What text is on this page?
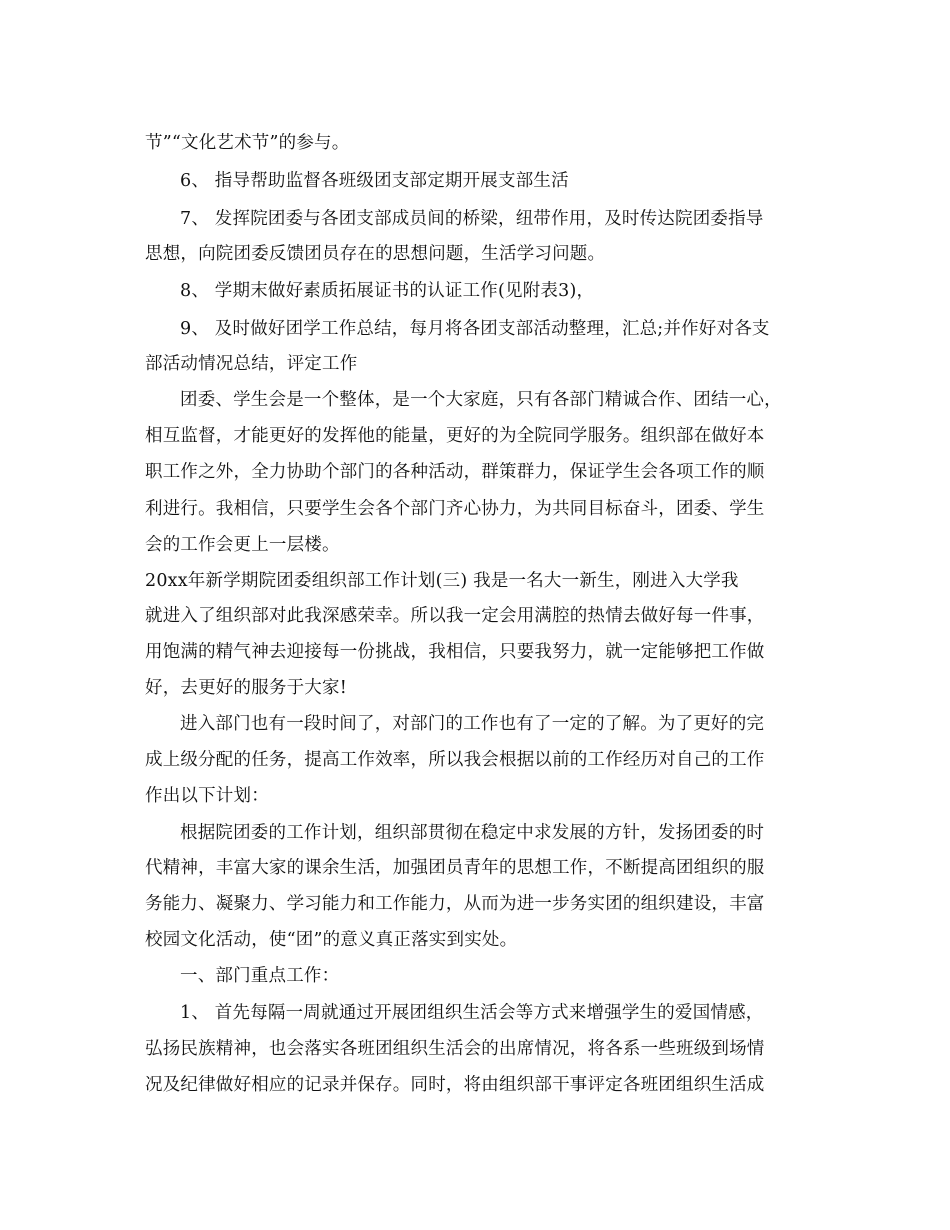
节”“文化艺术节”的参与。
6、 指导帮助监督各班级团支部定期开展支部生活
7、 发挥院团委与各团支部成员间的桥梁，纽带作用，及时传达院团委指导
思想，向院团委反馈团员存在的思想问题，生活学习问题。
8、 学期末做好素质拓展证书的认证工作(见附表3)，
9、 及时做好团学工作总结，每月将各团支部活动整理，汇总;并作好对各支
部活动情况总结，评定工作
团委、学生会是一个整体，是一个大家庭，只有各部门精诚合作、团结一心，
相互监督，才能更好的发挥他的能量，更好的为全院同学服务。组织部在做好本
职工作之外，全力协助个部门的各种活动，群策群力，保证学生会各项工作的顺
利进行。我相信，只要学生会各个部门齐心协力，为共同目标奋斗，团委、学生
会的工作会更上一层楼。
20xx年新学期院团委组织部工作计划(三) 我是一名大一新生，刚进入大学我
就进入了组织部对此我深感荣幸。所以我一定会用满腔的热情去做好每一件事，
用饱满的精气神去迎接每一份挑战，我相信，只要我努力，就一定能够把工作做
好，去更好的服务于大家!
进入部门也有一段时间了，对部门的工作也有了一定的了解。为了更好的完
成上级分配的任务，提高工作效率，所以我会根据以前的工作经历对自己的工作
作出以下计划：
根据院团委的工作计划，组织部贯彻在稳定中求发展的方针，发扬团委的时
代精神，丰富大家的课余生活，加强团员青年的思想工作，不断提高团组织的服
务能力、凝聚力、学习能力和工作能力，从而为进一步务实团的组织建设，丰富
校园文化活动，使“团”的意义真正落实到实处。
一、部门重点工作：
1、 首先每隔一周就通过开展团组织生活会等方式来增强学生的爱国情感，
弘扬民族精神，也会落实各班团组织生活会的出席情况，将各系一些班级到场情
况及纪律做好相应的记录并保存。同时，将由组织部干事评定各班团组织生活成
